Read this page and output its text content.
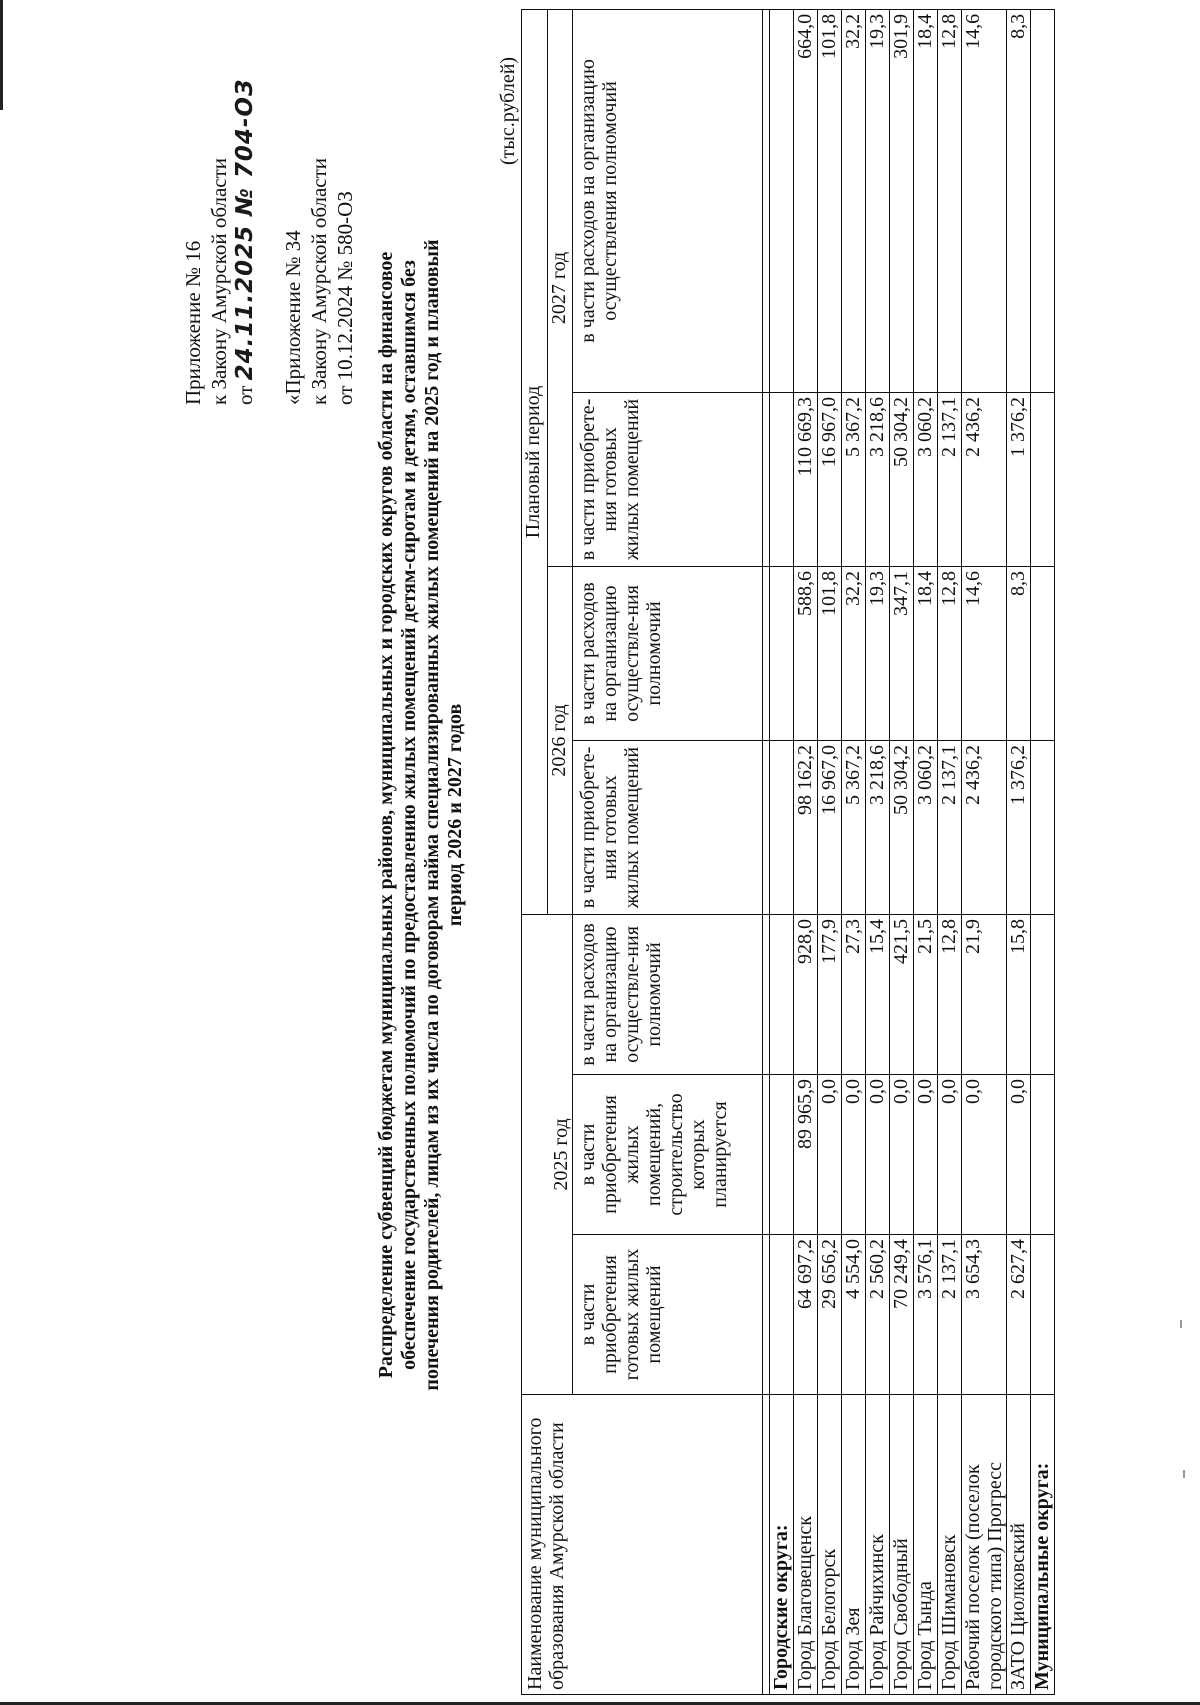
Приложение № 16 к Закону Амурской области от 24.11.2025 № 704-ОЗ «Приложение № 34 к Закону Амурской области от 10.12.2024 № 580-ОЗ Распределение субвенций бюджетам муниципальных районов, муниципальных и городских округов области на финансовое обеспечение государственных полномочий по предоставлению жилых помещений детям-сиротам и детям, оставшимся без попечения родителей, лицам из их числа по договорам найма специализированных жилых помещений на 2025 год и плановый период 2026 и 2027 годов
(тыс.рублей)
Наименование муниципального образования Амурской области	2025 год			Плановый период			
				2026 год		2027 год	
	в части приобретения готовых жилых помещений	в части приобретения жилых помещений, строительство которых планируется	в части расходов на организацию осуществле-ния полномочий	в части приобрете-ния готовых жилых помещений	в части расходов на организацию осуществле-ния полномочий	в части приобрете-ния готовых жилых помещений	в части расходов на организацию осуществления полномочий

Городские округа:							
Город Благовещенск	64 697,2	89 965,9	928,0	98 162,2	588,6	110 669,3	664,0
Город Белогорск	29 656,2	0,0	177,9	16 967,0	101,8	16 967,0	101,8
Город Зея	4 554,0	0,0	27,3	5 367,2	32,2	5 367,2	32,2
Город Райчихинск	2 560,2	0,0	15,4	3 218,6	19,3	3 218,6	19,3
Город Свободный	70 249,4	0,0	421,5	50 304,2	347,1	50 304,2	301,9
Город Тында	3 576,1	0,0	21,5	3 060,2	18,4	3 060,2	18,4
Город Шимановск	2 137,1	0,0	12,8	2 137,1	12,8	2 137,1	12,8
Рабочий поселок (поселок городского типа) Прогресс	3 654,3	0,0	21,9	2 436,2	14,6	2 436,2	14,6
ЗАТО Циолковский	2 627,4	0,0	15,8	1 376,2	8,3	1 376,2	8,3
Муниципальные округа:							
